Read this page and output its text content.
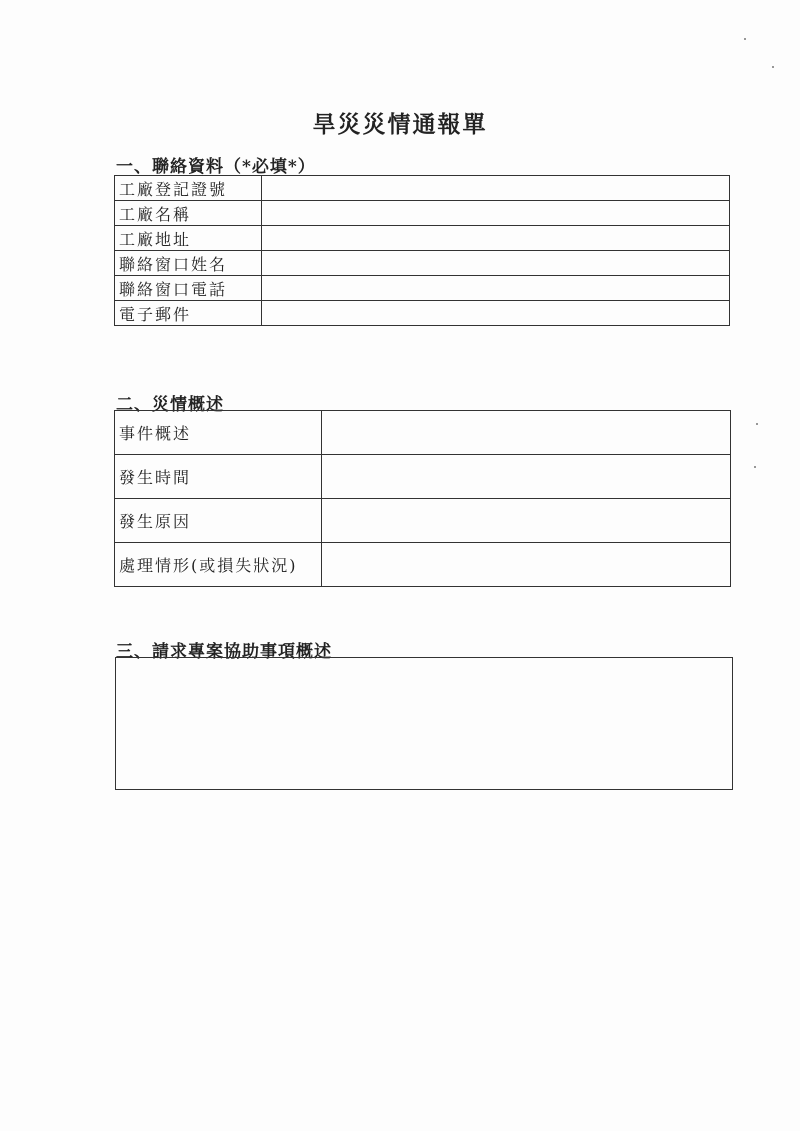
旱災災情通報單
一、聯絡資料（*必填*）
工廠登記證號	
工廠名稱	
工廠地址	
聯絡窗口姓名	
聯絡窗口電話	
電子郵件	
二、災情概述
事件概述	
發生時間	
發生原因	
處理情形(或損失狀況)	
三、請求專案協助事項概述
